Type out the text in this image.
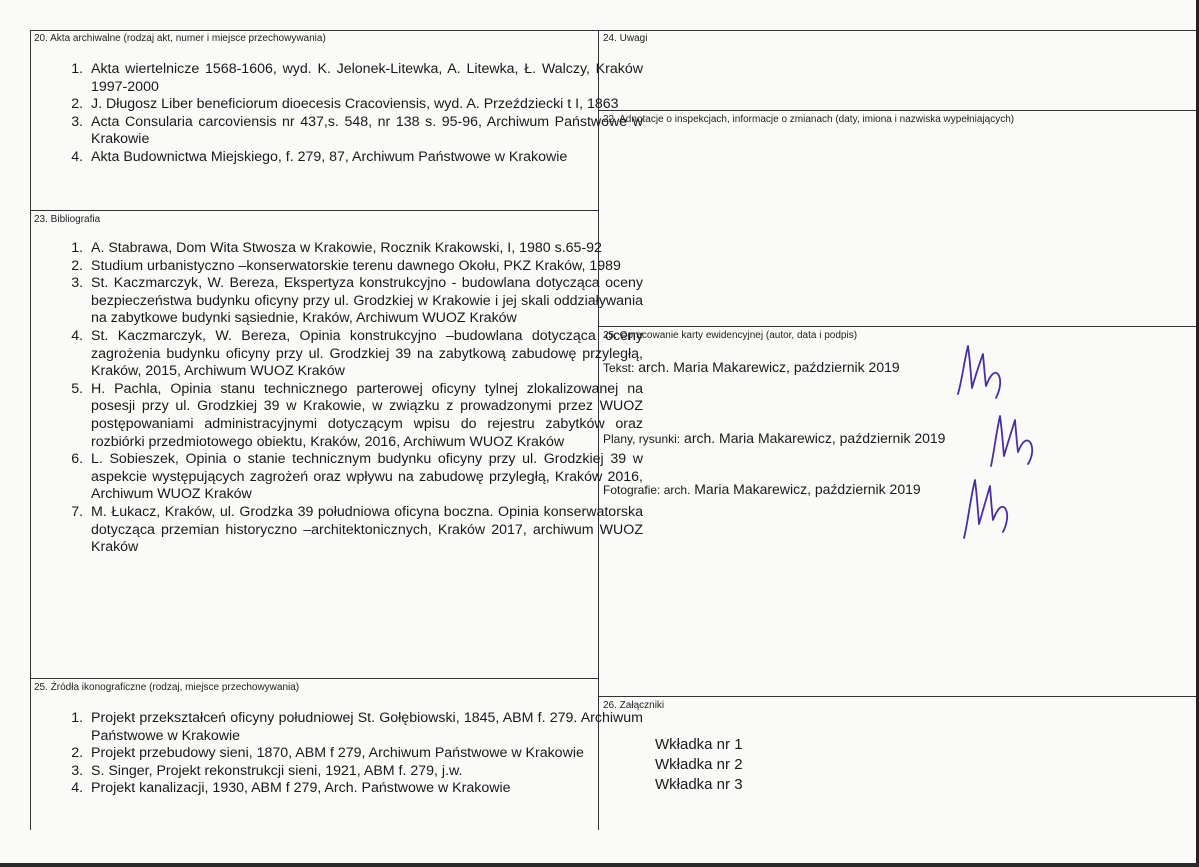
20. Akta archiwalne (rodzaj akt, numer i miejsce przechowywania)
1. Akta wiertelnicze 1568-1606, wyd. K. Jelonek-Litewka, A. Litewka, Ł. Walczy, Kraków 1997-2000
2. J. Długosz Liber beneficiorum dioecesis Cracoviensis, wyd. A. Przeździecki t I, 1863
3. Acta Consularia carcoviensis nr 437,s. 548, nr 138 s. 95-96, Archiwum Państwowe w Krakowie
4. Akta Budownictwa Miejskiego, f. 279, 87, Archiwum Państwowe w Krakowie
23. Bibliografia
1. A. Stabrawa, Dom Wita Stwosza w Krakowie, Rocznik Krakowski, I, 1980 s.65-92
2. Studium urbanistyczno –konserwatorskie terenu dawnego Okołu, PKZ Kraków, 1989
3. St. Kaczmarczyk, W. Bereza, Ekspertyza konstrukcyjno - budowlana dotycząca oceny bezpieczeństwa budynku oficyny przy ul. Grodzkiej w Krakowie i jej skali oddziaływania na zabytkowe budynki sąsiednie, Kraków, Archiwum WUOZ Kraków
4. St. Kaczmarczyk, W. Bereza, Opinia konstrukcyjno –budowlana dotycząca oceny zagrożenia budynku oficyny przy ul. Grodzkiej 39 na zabytkową zabudowę przyległą, Kraków, 2015, Archiwum WUOZ Kraków
5. H. Pachla, Opinia stanu technicznego parterowej oficyny tylnej zlokalizowanej na posesji przy ul. Grodzkiej 39 w Krakowie, w związku z prowadzonymi przez WUOZ postępowaniami administracyjnymi dotyczącym wpisu do rejestru zabytków oraz rozbiórki przedmiotowego obiektu, Kraków, 2016, Archiwum WUOZ Kraków
6. L. Sobieszek, Opinia o stanie technicznym budynku oficyny przy ul. Grodzkiej 39 w aspekcie występujących zagrożeń oraz wpływu na zabudowę przyległą, Kraków 2016, Archiwum WUOZ Kraków
7. M. Łukacz, Kraków, ul. Grodzka 39 południowa oficyna boczna. Opinia konserwatorska dotycząca przemian historyczno –architektonicznych, Kraków 2017, archiwum WUOZ Kraków
25. Źródła ikonograficzne (rodzaj, miejsce przechowywania)
1. Projekt przekształceń oficyny południowej St. Gołębiowski, 1845, ABM f. 279. Archiwum Państwowe w Krakowie
2. Projekt przebudowy sieni, 1870, ABM f 279, Archiwum Państwowe w Krakowie
3. S. Singer, Projekt rekonstrukcji sieni, 1921, ABM f. 279, j.w.
4. Projekt kanalizacji, 1930, ABM f 279, Arch. Państwowe w Krakowie
24. Uwagi
22. Adnotacje o inspekcjach, informacje o zmianach (daty, imiona i nazwiska wypełniających)
25. Opracowanie karty ewidencyjnej (autor, data i podpis)
Tekst: arch. Maria Makarewicz, październik 2019
Plany, rysunki: arch. Maria Makarewicz, październik 2019
Fotografie: arch. Maria Makarewicz, październik 2019
26. Załączniki
Wkładka nr 1
Wkładka nr 2
Wkładka nr 3
